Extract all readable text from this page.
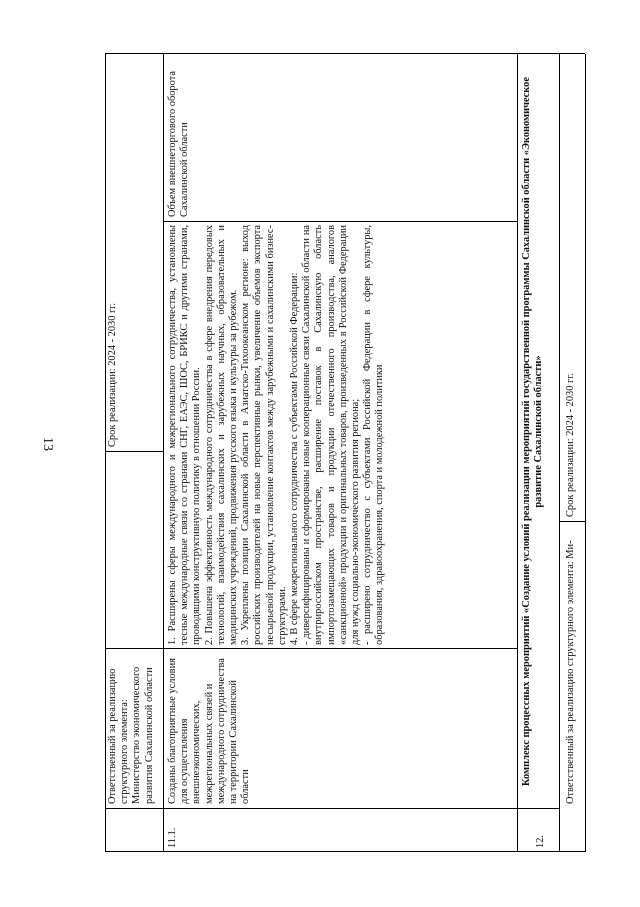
13
Ответственный за реализацию структурного элемента: Министерство экономического развития Сахалинской области
Срок реализации: 2024 - 2030 гг.
11.1.
Созданы благоприятные условия для осуществления внешнеэкономических, межрегиональных связей и международного сотрудничества на территории Сахалинской области

1. Расширены сферы международного и межрегионального сотрудничества, установлены тесные международные связи со странами СНГ, ЕАЭС, ШОС, БРИКС и другими странами, проводящими конструктивную политику в отношении России. 2. Повышена эффективность международного сотрудничества в сфере внедрения передовых технологий, взаимодействия сахалинских и зарубежных научных, образовательных и медицинских учреждений, продвижения русского языка и культуры за рубежом. 3. Укреплены позиции Сахалинской области в Азиатско-Тихоокеанском регионе: выход российских производителей на новые перспективные рынки, увеличение объемов экспорта несырьевой продукции, установление контактов между зарубежными и сахалинскими бизнес-структурами. 4. В сфере межрегионального сотрудничества с субъектами Российской Федерации: - диверсифицированы и сформированы новые кооперационные связи Сахалинской области на внутрироссийском пространстве, расширение поставок в Сахалинскую область импортозамещающих товаров и продукции отечественного производства, аналогов «санкционной» продукции и оригинальных товаров, произведенных в Российской Федерации для нужд социально-экономического развития региона; - расширено сотрудничество с субъектами Российской Федерации в сфере культуры, образования, здравоохранения, спорта и молодежной политики

Объем внешнеторгового оборота Сахалинской области
12.
Комплекс процессных мероприятий «Создание условий реализации мероприятий государственной программы Сахалинской области «Экономическое развитие Сахалинской области»
Ответственный за реализацию структурного элемента: Ми-
Срок реализации: 2024 - 2030 гг.
